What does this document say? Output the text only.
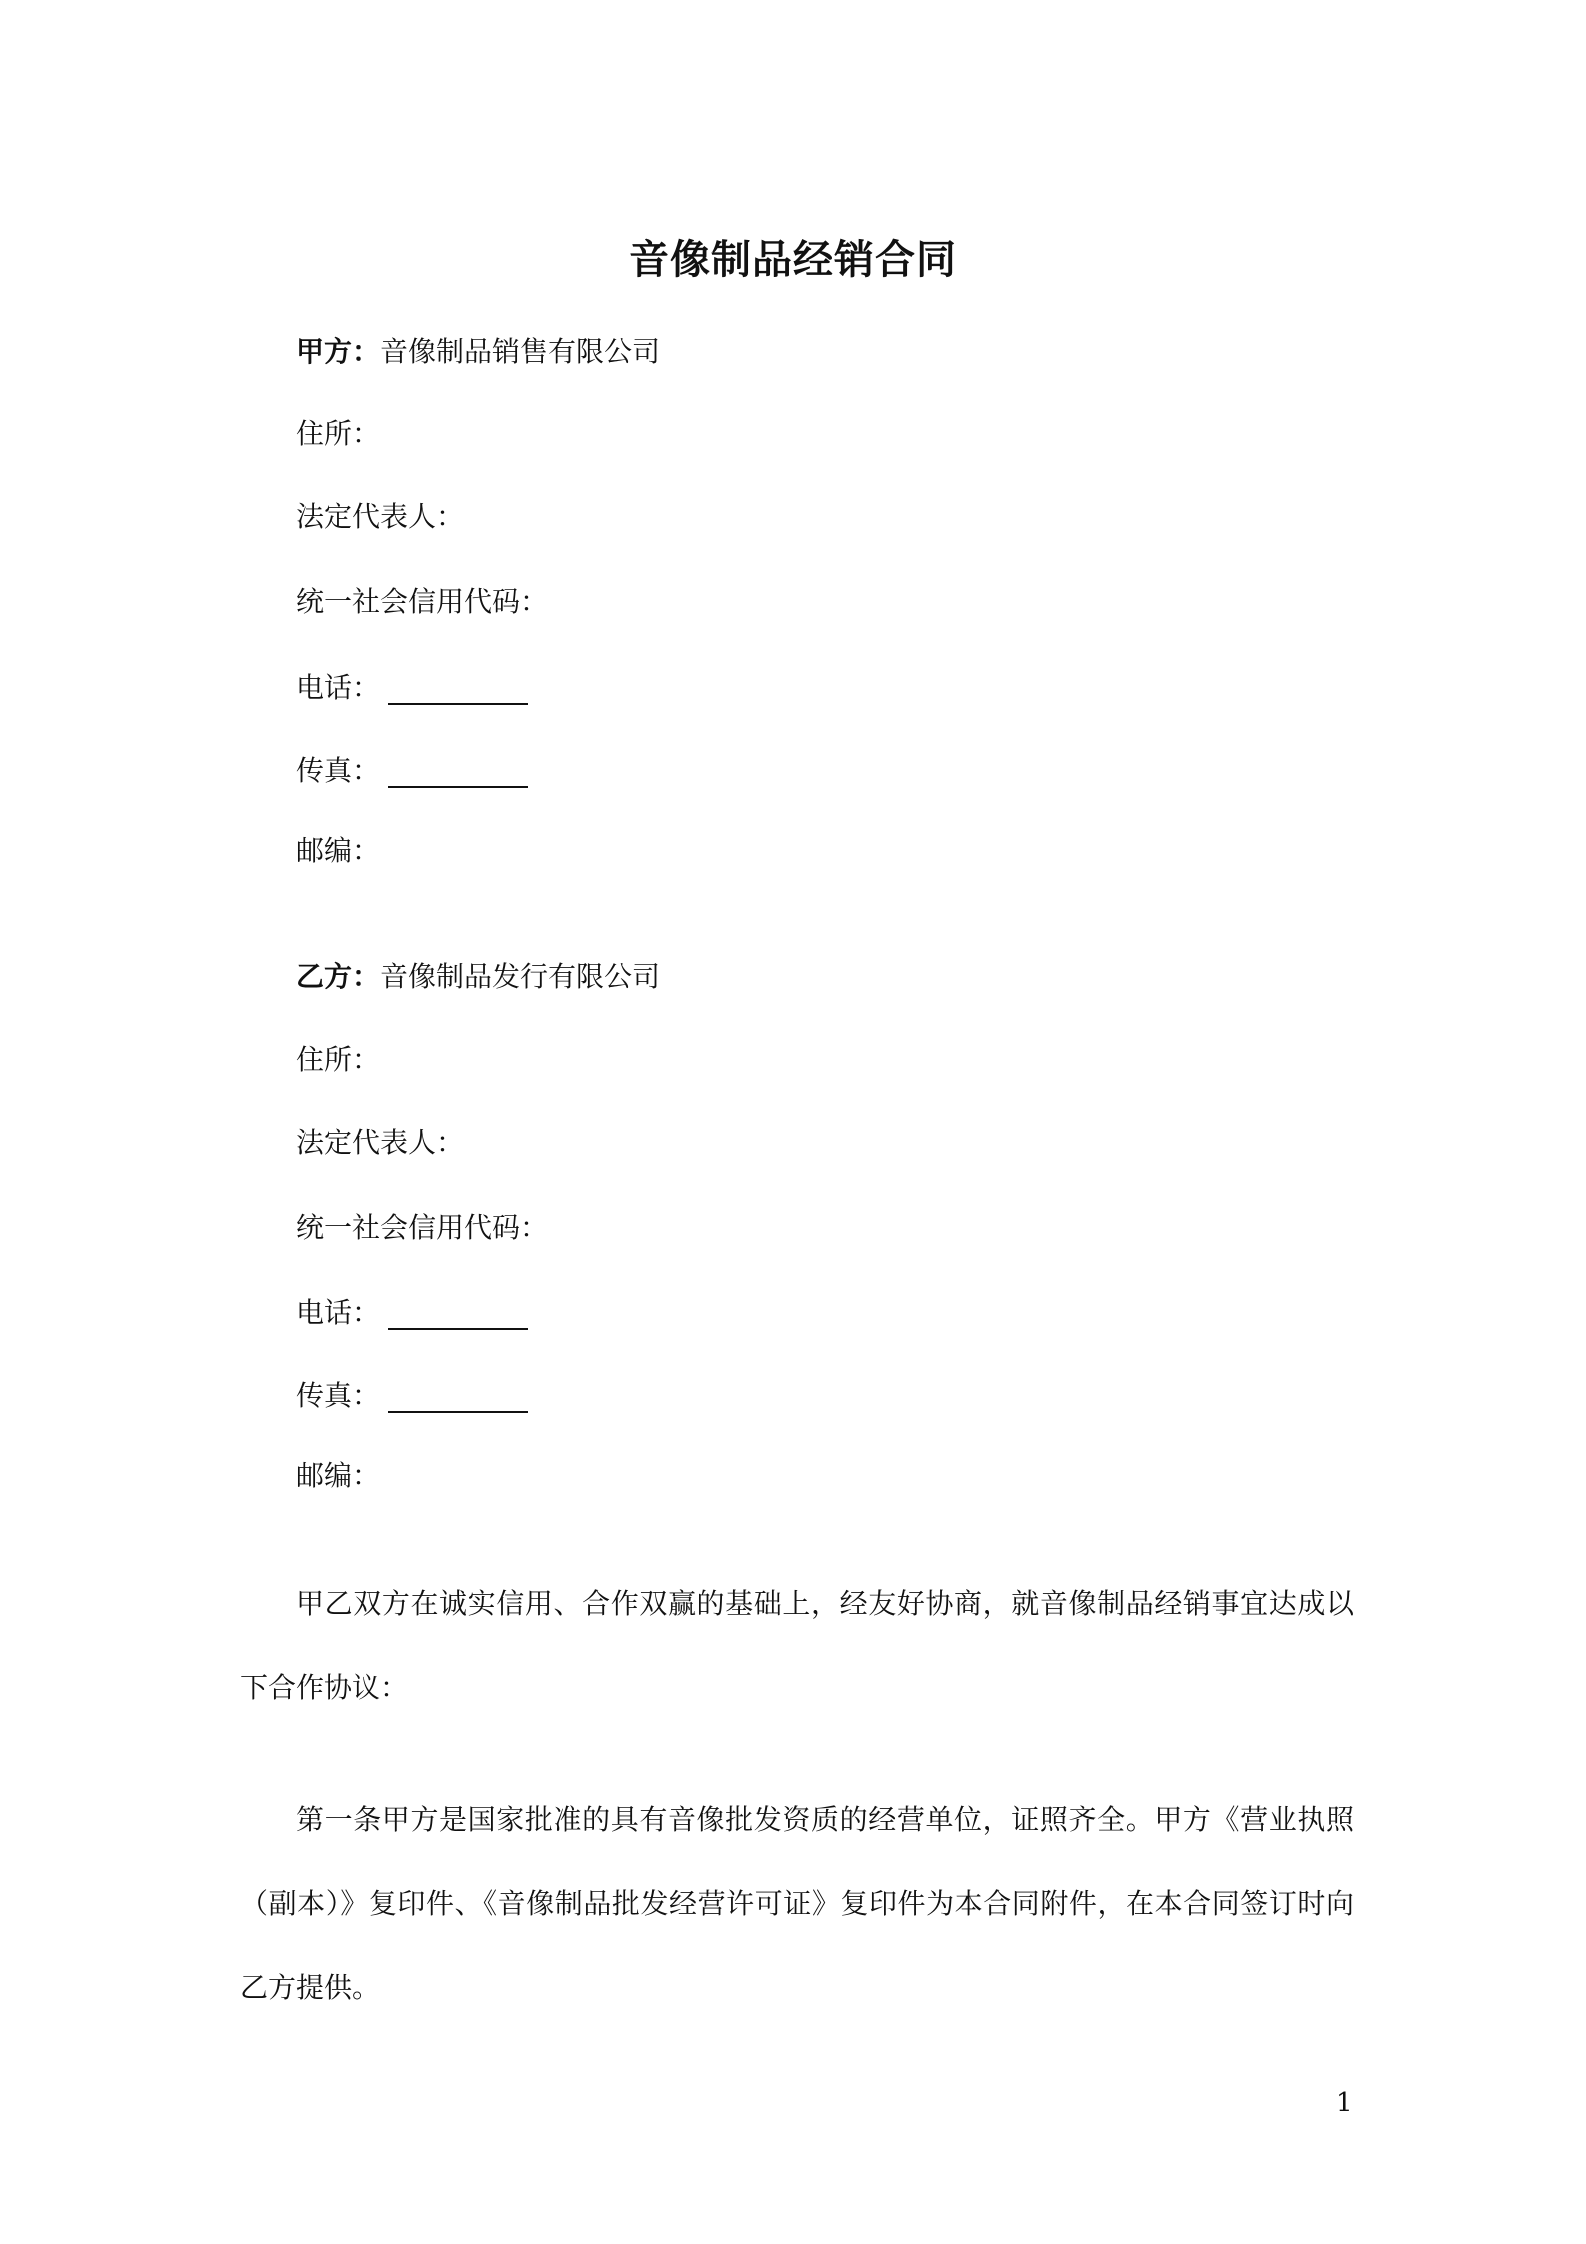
音像制品经销合同
甲方：音像制品销售有限公司
住所：
法定代表人：
统一社会信用代码：
电话：
传真：
邮编：
乙方：音像制品发行有限公司
住所：
法定代表人：
统一社会信用代码：
电话：
传真：
邮编：
甲乙双方在诚实信用、合作双赢的基础上，经友好协商，就音像制品经销事宜达成以下合作协议：
第一条甲方是国家批准的具有音像批发资质的经营单位，证照齐全。甲方《营业执照（副本）》复印件、《音像制品批发经营许可证》复印件为本合同附件，在本合同签订时向乙方提供。
1
